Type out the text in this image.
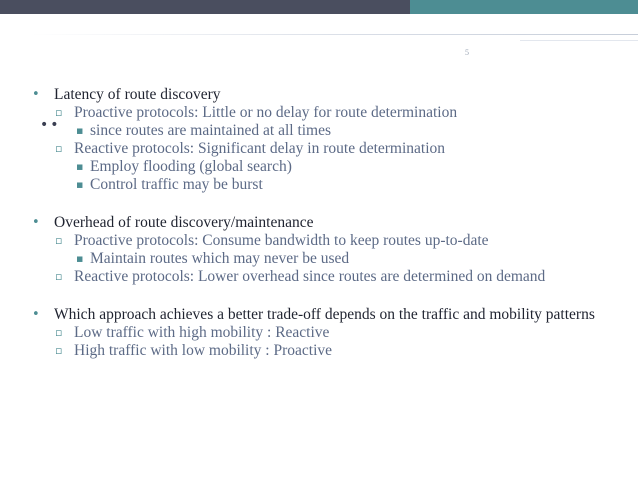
5
••
• Latency of route discovery
▫ Proactive protocols: Little or no delay for route determination
▪ since routes are maintained at all times
▫ Reactive protocols: Significant delay in route determination
▪ Employ flooding (global search)
▪ Control traffic may be burst
• Overhead of route discovery/maintenance
▫ Proactive protocols: Consume bandwidth to keep routes up-to-date
▪ Maintain routes which may never be used
▫ Reactive protocols: Lower overhead since routes are determined on demand
• Which approach achieves a better trade-off depends on the traffic and mobility patterns
▫ Low traffic with high mobility : Reactive
▫ High traffic with low mobility : Proactive
